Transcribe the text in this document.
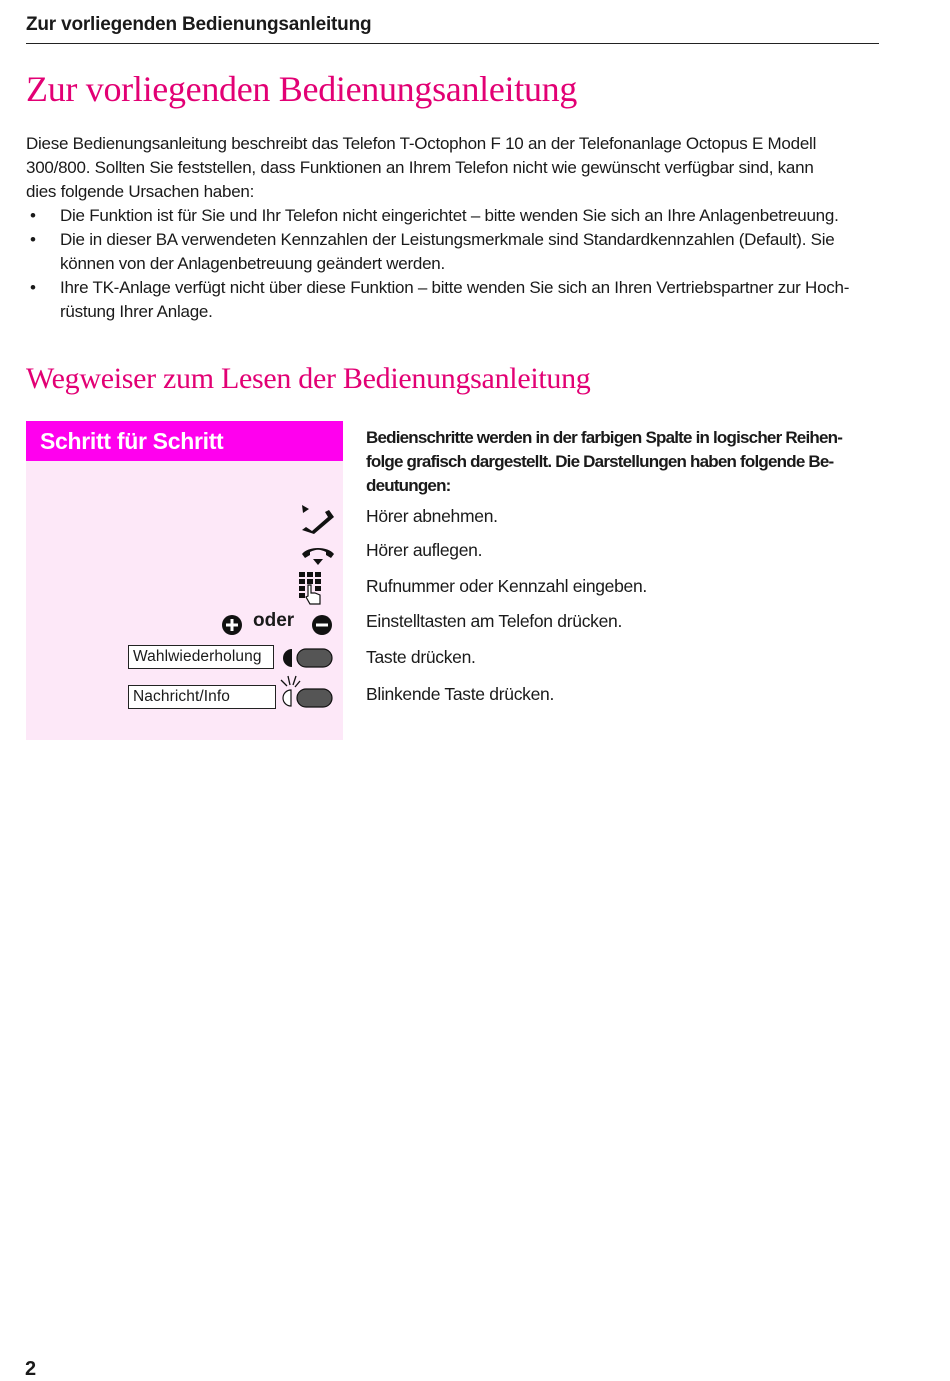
Zur vorliegenden Bedienungsanleitung
Zur vorliegenden Bedienungsanleitung

Diese Bedienungsanleitung beschreibt das Telefon T-Octophon F 10 an der Telefonanlage Octopus E Modell
300/800. Sollten Sie feststellen, dass Funktionen an Ihrem Telefon nicht wie gewünscht verfügbar sind, kann
dies folgende Ursachen haben:

• Die Funktion ist für Sie und Ihr Telefon nicht eingerichtet – bitte wenden Sie sich an Ihre Anlagenbetreuung.
• Die in dieser BA verwendeten Kennzahlen der Leistungsmerkmale sind Standardkennzahlen (Default). Sie
können von der Anlagenbetreuung geändert werden.
• Ihre TK-Anlage verfügt nicht über diese Funktion – bitte wenden Sie sich an Ihren Vertriebspartner zur Hoch-
rüstung Ihrer Anlage.
Wegweiser zum Lesen der Bedienungsanleitung
Schritt für Schritt	Bedienschritte werden in der farbigen Spalte in logischer Reihen-
folge grafisch dargestellt. Die Darstellungen haben folgende Be-
deutungen:
Hörer abnehmen.
Hörer auflegen.
Rufnummer oder Kennzahl eingeben.
oder	Einstelltasten am Telefon drücken.
Wahlwiederholung	Taste drücken.
Nachricht/Info	Blinkende Taste drücken.
2
